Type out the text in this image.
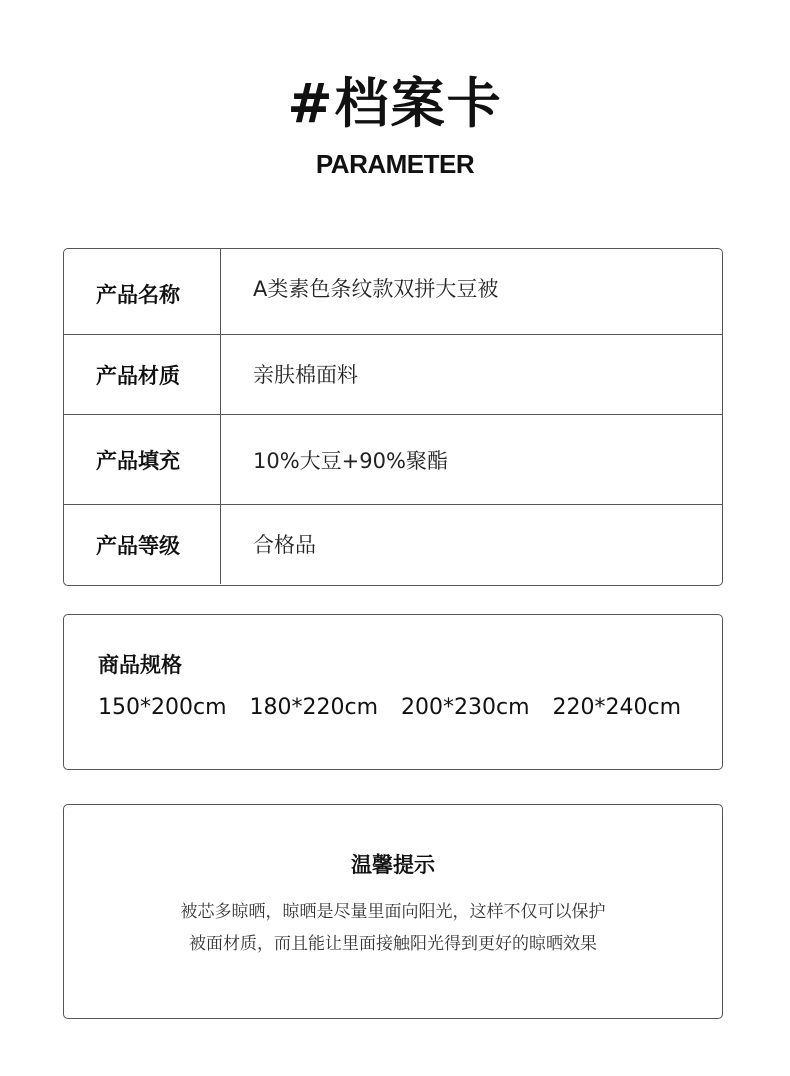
#档案卡
PARAMETER
产品名称	A类素色条纹款双拼大豆被
产品材质	亲肤棉面料
产品填充	10%大豆+90%聚酯
产品等级	合格品
商品规格
150*200cm 180*220cm 200*230cm 220*240cm
温馨提示
被芯多晾晒，晾晒是尽量里面向阳光，这样不仅可以保护
被面材质，而且能让里面接触阳光得到更好的晾晒效果
